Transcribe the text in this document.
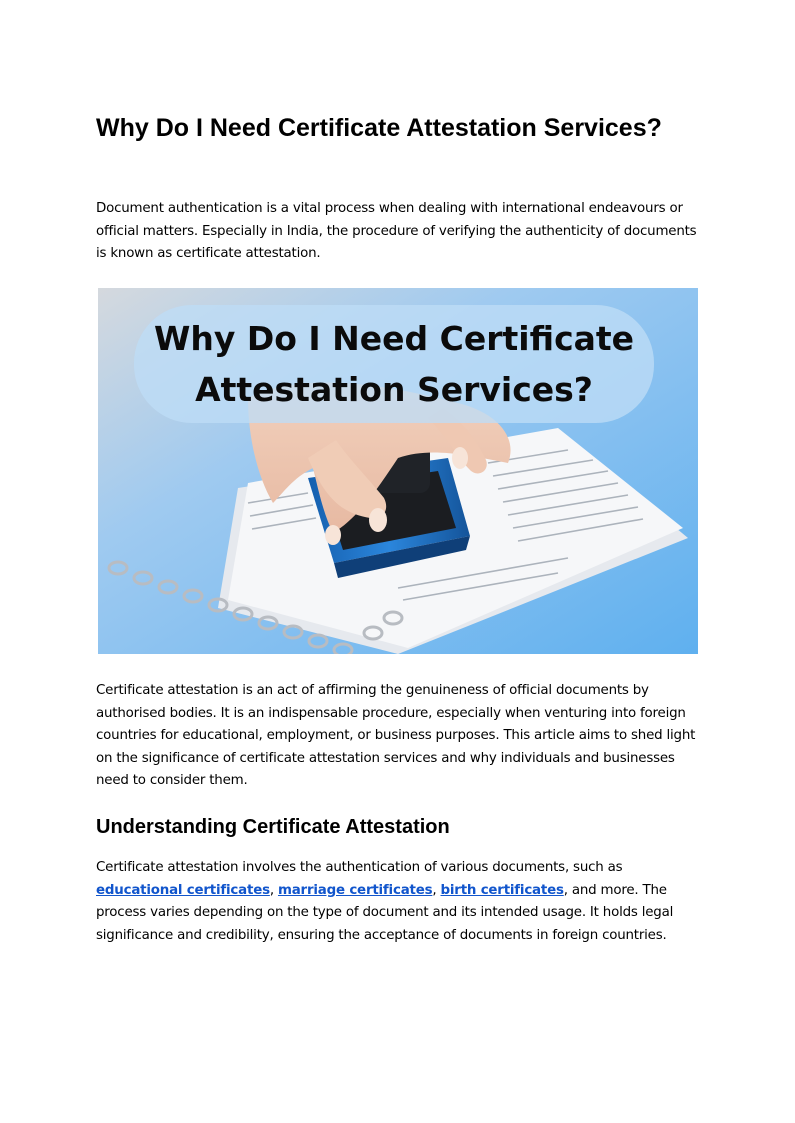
Why Do I Need Certificate Attestation Services?

Document authentication is a vital process when dealing with international endeavours or official matters. Especially in India, the procedure of verifying the authenticity of documents is known as certificate attestation.

Why Do I Need Certificate Attestation Services?

Certificate attestation is an act of affirming the genuineness of official documents by authorised bodies. It is an indispensable procedure, especially when venturing into foreign countries for educational, employment, or business purposes. This article aims to shed light on the significance of certificate attestation services and why individuals and businesses need to consider them.

Understanding Certificate Attestation

Certificate attestation involves the authentication of various documents, such as educational certificates, marriage certificates, birth certificates, and more. The process varies depending on the type of document and its intended usage. It holds legal significance and credibility, ensuring the acceptance of documents in foreign countries.
